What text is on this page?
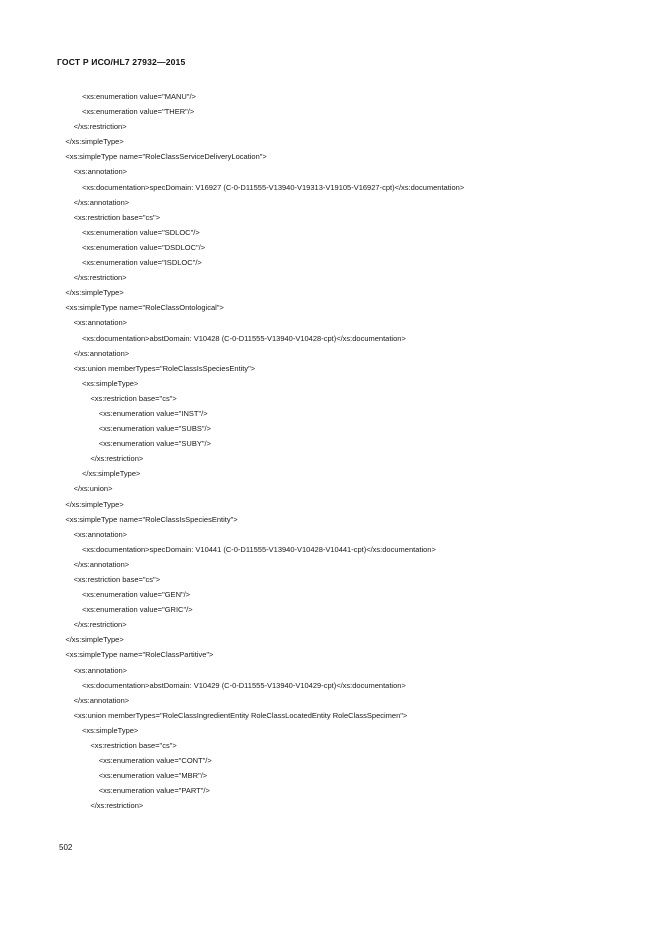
ГОСТ Р ИСО/HL7 27932—2015
<xs:enumeration value="MANU"/>
<xs:enumeration value="THER"/>
</xs:restriction>
</xs:simpleType>
<xs:simpleType name="RoleClassServiceDeliveryLocation">
<xs:annotation>
<xs:documentation>specDomain: V16927 (C-0-D11555-V13940-V19313-V19105-V16927-cpt)</xs:documentation>
</xs:annotation>
<xs:restriction base="cs">
<xs:enumeration value="SDLOC"/>
<xs:enumeration value="DSDLOC"/>
<xs:enumeration value="ISDLOC"/>
</xs:restriction>
</xs:simpleType>
<xs:simpleType name="RoleClassOntological">
<xs:annotation>
<xs:documentation>abstDomain: V10428 (C-0-D11555-V13940-V10428-cpt)</xs:documentation>
</xs:annotation>
<xs:union memberTypes="RoleClassIsSpeciesEntity">
<xs:simpleType>
<xs:restriction base="cs">
<xs:enumeration value="INST"/>
<xs:enumeration value="SUBS"/>
<xs:enumeration value="SUBY"/>
</xs:restriction>
</xs:simpleType>
</xs:union>
</xs:simpleType>
<xs:simpleType name="RoleClassIsSpeciesEntity">
<xs:annotation>
<xs:documentation>specDomain: V10441 (C-0-D11555-V13940-V10428-V10441-cpt)</xs:documentation>
</xs:annotation>
<xs:restriction base="cs">
<xs:enumeration value="GEN"/>
<xs:enumeration value="GRIC"/>
</xs:restriction>
</xs:simpleType>
<xs:simpleType name="RoleClassPartitive">
<xs:annotation>
<xs:documentation>abstDomain: V10429 (C-0-D11555-V13940-V10429-cpt)</xs:documentation>
</xs:annotation>
<xs:union memberTypes="RoleClassIngredientEntity RoleClassLocatedEntity RoleClassSpecimen">
<xs:simpleType>
<xs:restriction base="cs">
<xs:enumeration value="CONT"/>
<xs:enumeration value="MBR"/>
<xs:enumeration value="PART"/>
</xs:restriction>
502
